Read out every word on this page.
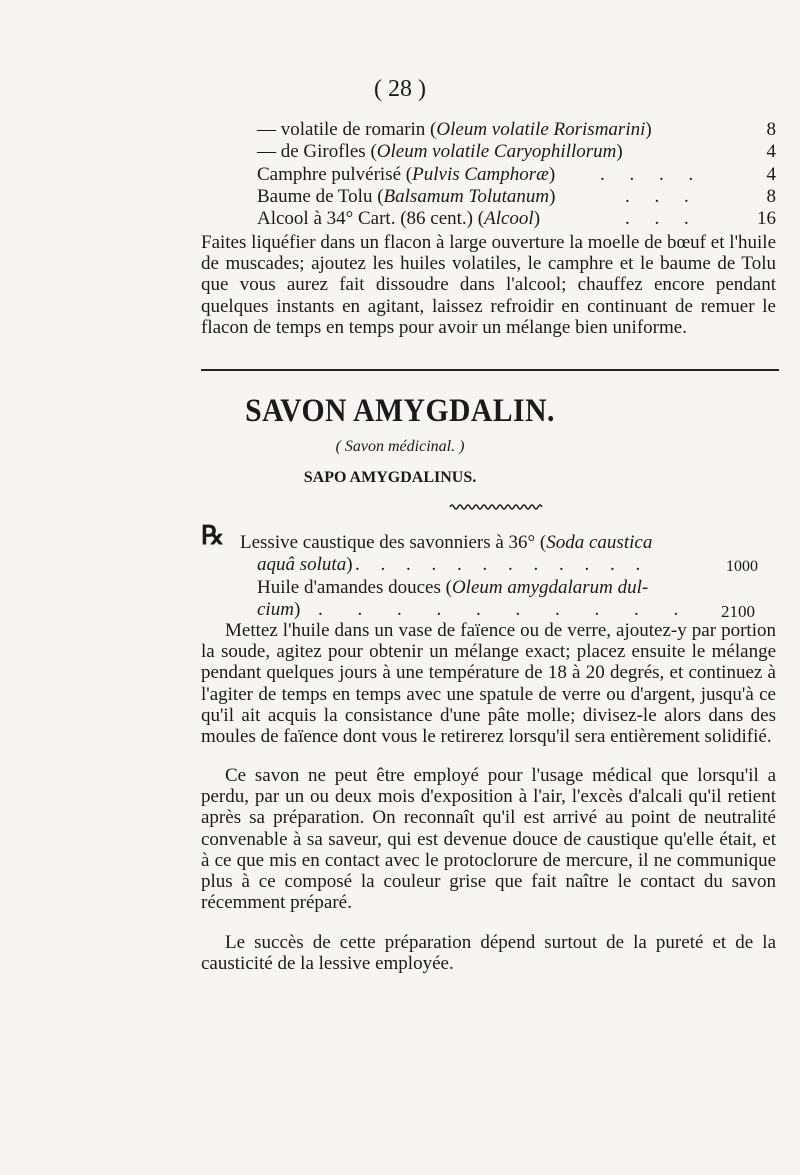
( 28 )
— volatile de romarin (Oleum volatile Rorismarini)	8
— de Girofles (Oleum volatile Caryophillorum)	4
Camphre pulvérisé (Pulvis Camphoræ) . . . .	4
Baume de Tolu (Balsamum Tolutanum)	. . .	8
Alcool à 34° Cart. (86 cent.) (Alcool)	. . .	16

Faites liquéfier dans un flacon à large ouverture la moelle de bœuf et l'huile de muscades; ajoutez les huiles volatiles, le camphre et le baume de Tolu que vous aurez fait dissoudre dans l'alcool; chauffez encore pendant quelques instants en agitant, laissez refroidir en continuant de remuer le flacon de temps en temps pour avoir un mélange bien uniforme.

SAVON AMYGDALIN.
( Savon médicinal. )
SAPO AMYGDALINUS.
℞ Lessive caustique des savonniers à 36° (Soda caustica
aquâ soluta) . . . . . . . . . . . .	1000
Huile d'amandes douces (Oleum amygdalarum dul-
cium) . . . . . . . . . . 2100

Mettez l'huile dans un vase de faïence ou de verre, ajoutez-y par portion la soude, agitez pour obtenir un mélange exact; placez ensuite le mélange pendant quelques jours à une température de 18 à 20 degrés, et continuez à l'agiter de temps en temps avec une spatule de verre ou d'argent, jusqu'à ce qu'il ait acquis la consistance d'une pâte molle; divisez-le alors dans des moules de faïence dont vous le retirerez lorsqu'il sera entièrement solidifié.

Ce savon ne peut être employé pour l'usage médical que lorsqu'il a perdu, par un ou deux mois d'exposition à l'air, l'excès d'alcali qu'il retient après sa préparation. On reconnaît qu'il est arrivé au point de neutralité convenable à sa saveur, qui est devenue douce de caustique qu'elle était, et à ce que mis en contact avec le protoclorure de mercure, il ne communique plus à ce composé la couleur grise que fait naître le contact du savon récemment préparé.

Le succès de cette préparation dépend surtout de la pureté et de la causticité de la lessive employée.
